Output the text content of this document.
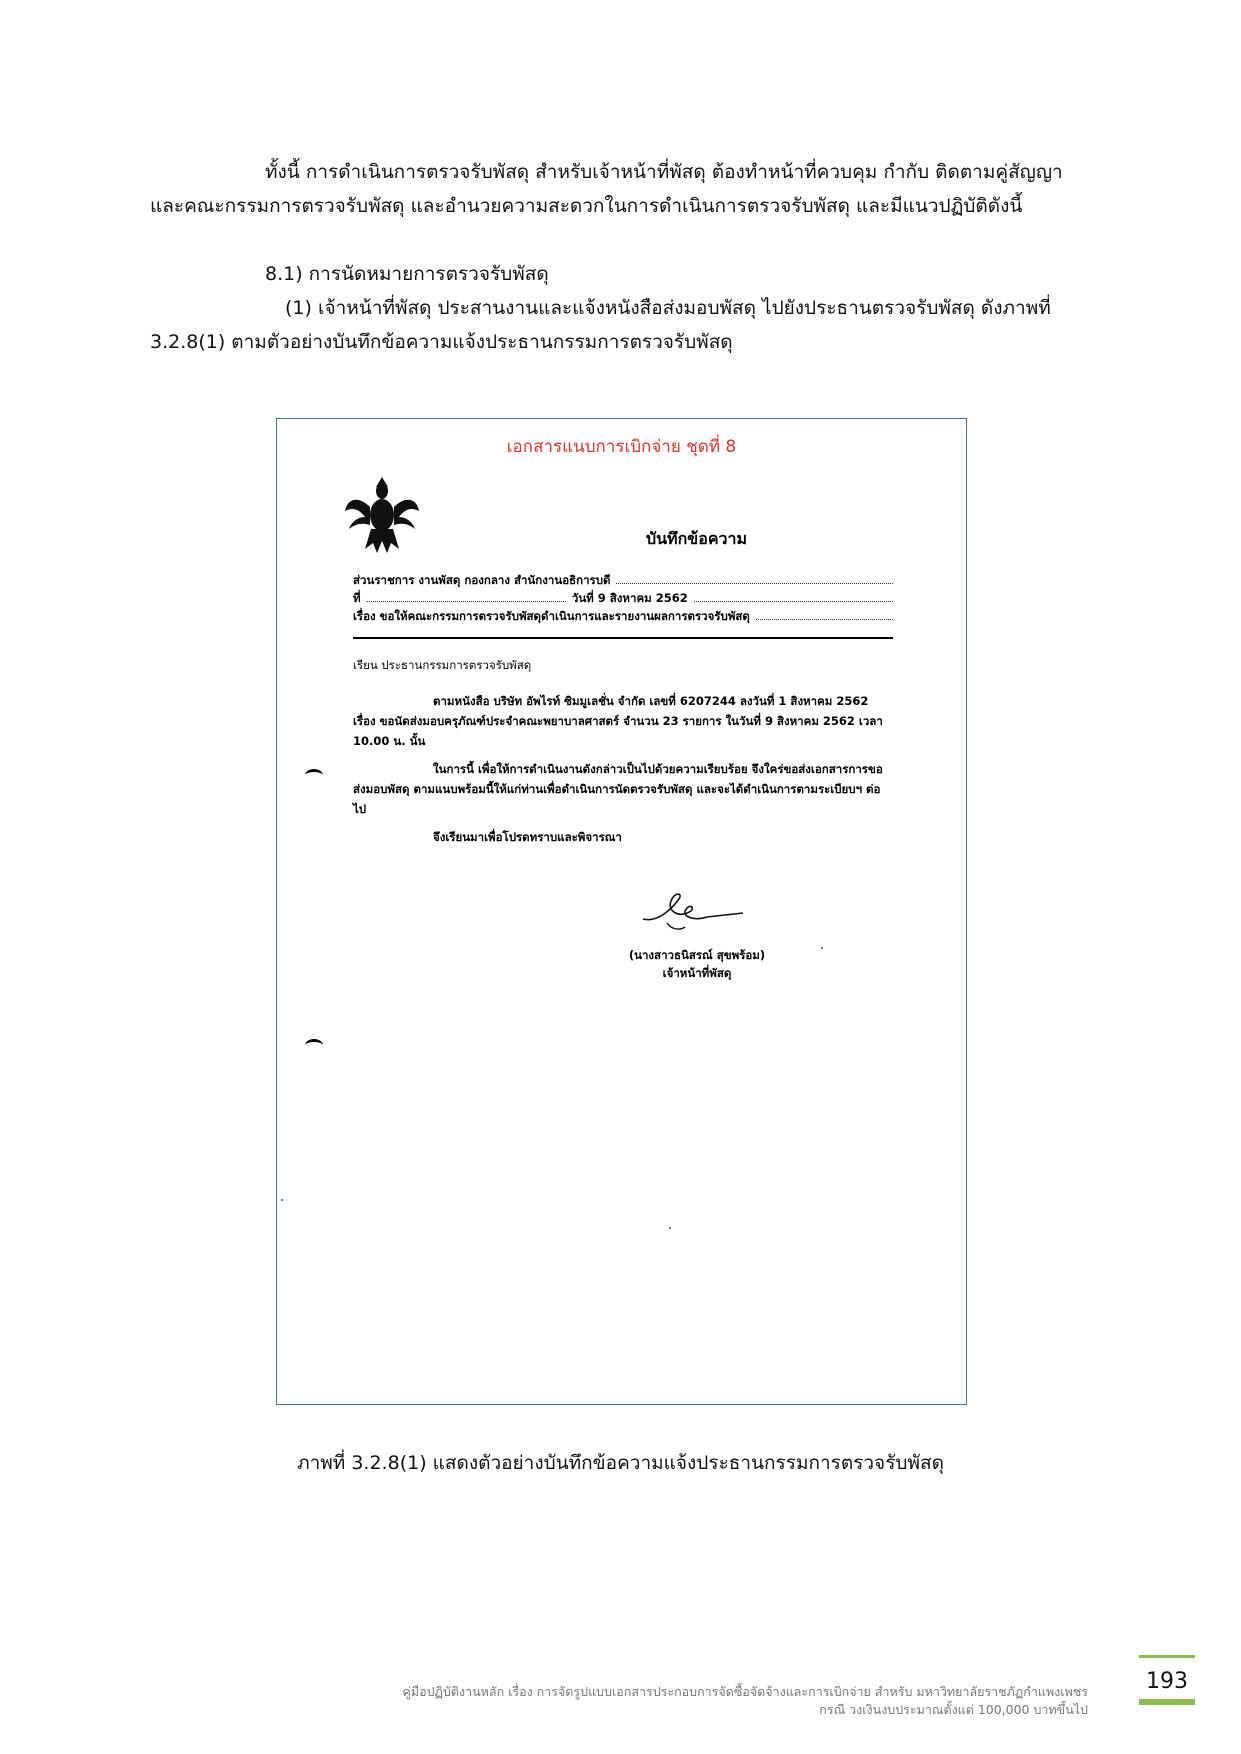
ทั้งนี้ การดำเนินการตรวจรับพัสดุ สำหรับเจ้าหน้าที่พัสดุ ต้องทำหน้าที่ควบคุม กำกับ ติดตามคู่สัญญาและคณะกรรมการตรวจรับพัสดุ และอำนวยความสะดวกในการดำเนินการตรวจรับพัสดุ และมีแนวปฏิบัติดังนี้

8.1) การนัดหมายการตรวจรับพัสดุ

(1) เจ้าหน้าที่พัสดุ ประสานงานและแจ้งหนังสือส่งมอบพัสดุ ไปยังประธานตรวจรับพัสดุ ดังภาพที่ 3.2.8(1) ตามตัวอย่างบันทึกข้อความแจ้งประธานกรรมการตรวจรับพัสดุ

เอกสารแนบการเบิกจ่าย ชุดที่ 8
บันทึกข้อความ
ส่วนราชการ งานพัสดุ กองกลาง สำนักงานอธิการบดี
ที่	วันที่ 9 สิงหาคม 2562
เรื่อง ขอให้คณะกรรมการตรวจรับพัสดุดำเนินการและรายงานผลการตรวจรับพัสดุ
เรียน ประธานกรรมการตรวจรับพัสดุ
ตามหนังสือ บริษัท อัพไรท์ ซิมมูเลชั่น จำกัด เลขที่ 6207244 ลงวันที่ 1 สิงหาคม 2562 เรื่อง ขอนัดส่งมอบครุภัณฑ์ประจำคณะพยาบาลศาสตร์ จำนวน 23 รายการ ในวันที่ 9 สิงหาคม 2562 เวลา 10.00 น. นั้น
ในการนี้ เพื่อให้การดำเนินงานดังกล่าวเป็นไปด้วยความเรียบร้อย จึงใคร่ขอส่งเอกสารการขอส่งมอบพัสดุ ตามแนบพร้อมนี้ให้แก่ท่านเพื่อดำเนินการนัดตรวจรับพัสดุ และจะได้ดำเนินการตามระเบียบฯ ต่อไป
จึงเรียนมาเพื่อโปรดทราบและพิจารณา
(นางสาวธนิสรณ์ สุขพร้อม)
เจ้าหน้าที่พัสดุ
ภาพที่ 3.2.8(1) แสดงตัวอย่างบันทึกข้อความแจ้งประธานกรรมการตรวจรับพัสดุ
คู่มือปฏิบัติงานหลัก เรื่อง การจัดรูปแบบเอกสารประกอบการจัดซื้อจัดจ้างและการเบิกจ่าย สำหรับ มหาวิทยาลัยราชภัฏกำแพงเพชร
กรณี วงเงินงบประมาณตั้งแต่ 100,000 บาทขึ้นไป
193
